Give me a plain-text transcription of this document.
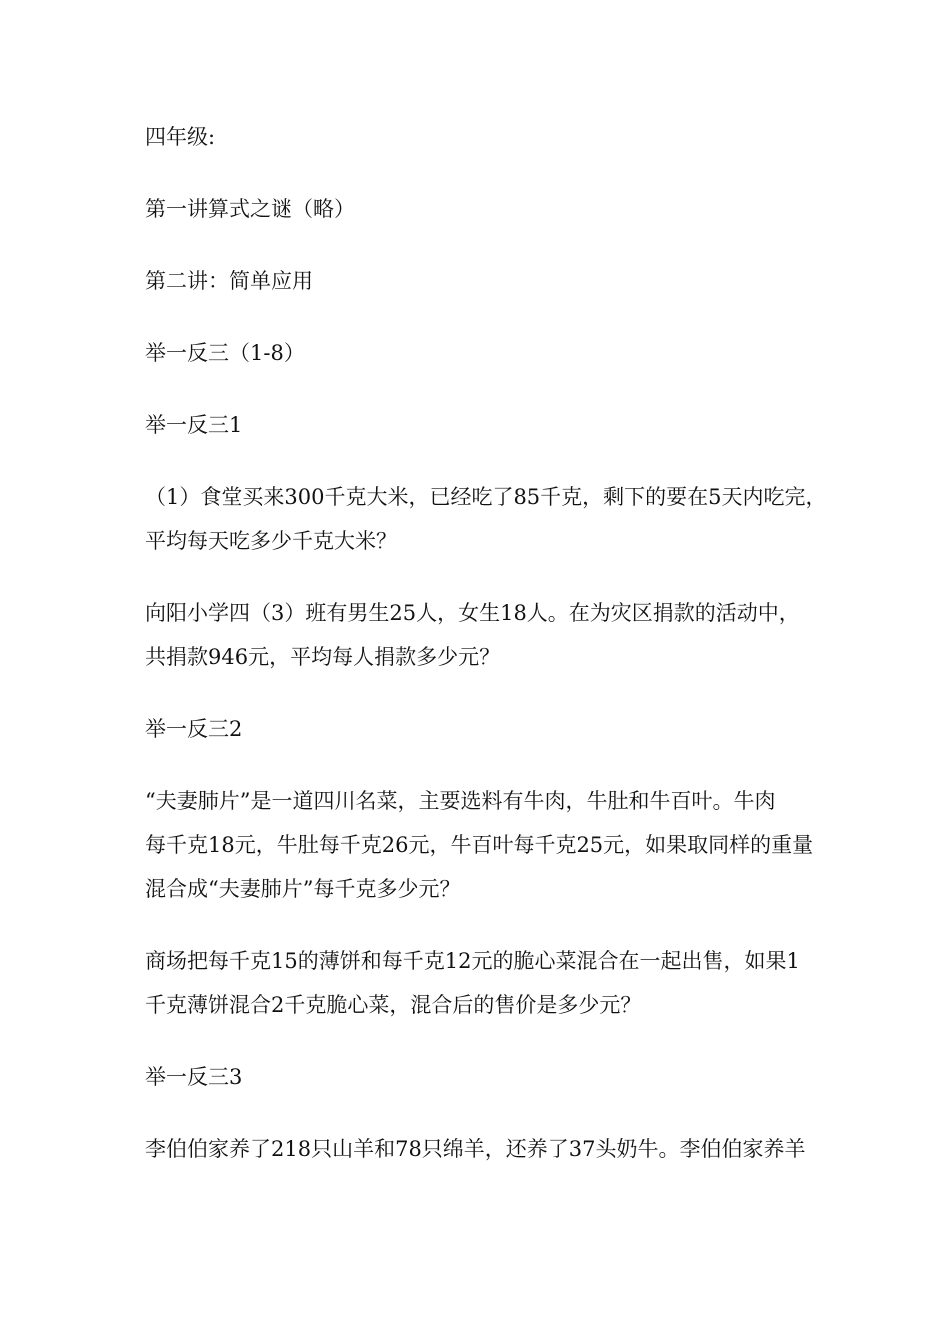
四年级:
第一讲算式之谜（略）
第二讲：简单应用
举一反三（1-8）
举一反三1
（1）食堂买来300千克大米，已经吃了85千克，剩下的要在5天内吃完，
平均每天吃多少千克大米？
向阳小学四（3）班有男生25人，女生18人。在为灾区捐款的活动中，
共捐款946元，平均每人捐款多少元？
举一反三2
“夫妻肺片”是一道四川名菜，主要选料有牛肉，牛肚和牛百叶。牛肉
每千克18元，牛肚每千克26元，牛百叶每千克25元，如果取同样的重量
混合成“夫妻肺片”每千克多少元？
商场把每千克15的薄饼和每千克12元的脆心菜混合在一起出售，如果1
千克薄饼混合2千克脆心菜，混合后的售价是多少元？
举一反三3
李伯伯家养了218只山羊和78只绵羊，还养了37头奶牛。李伯伯家养羊
